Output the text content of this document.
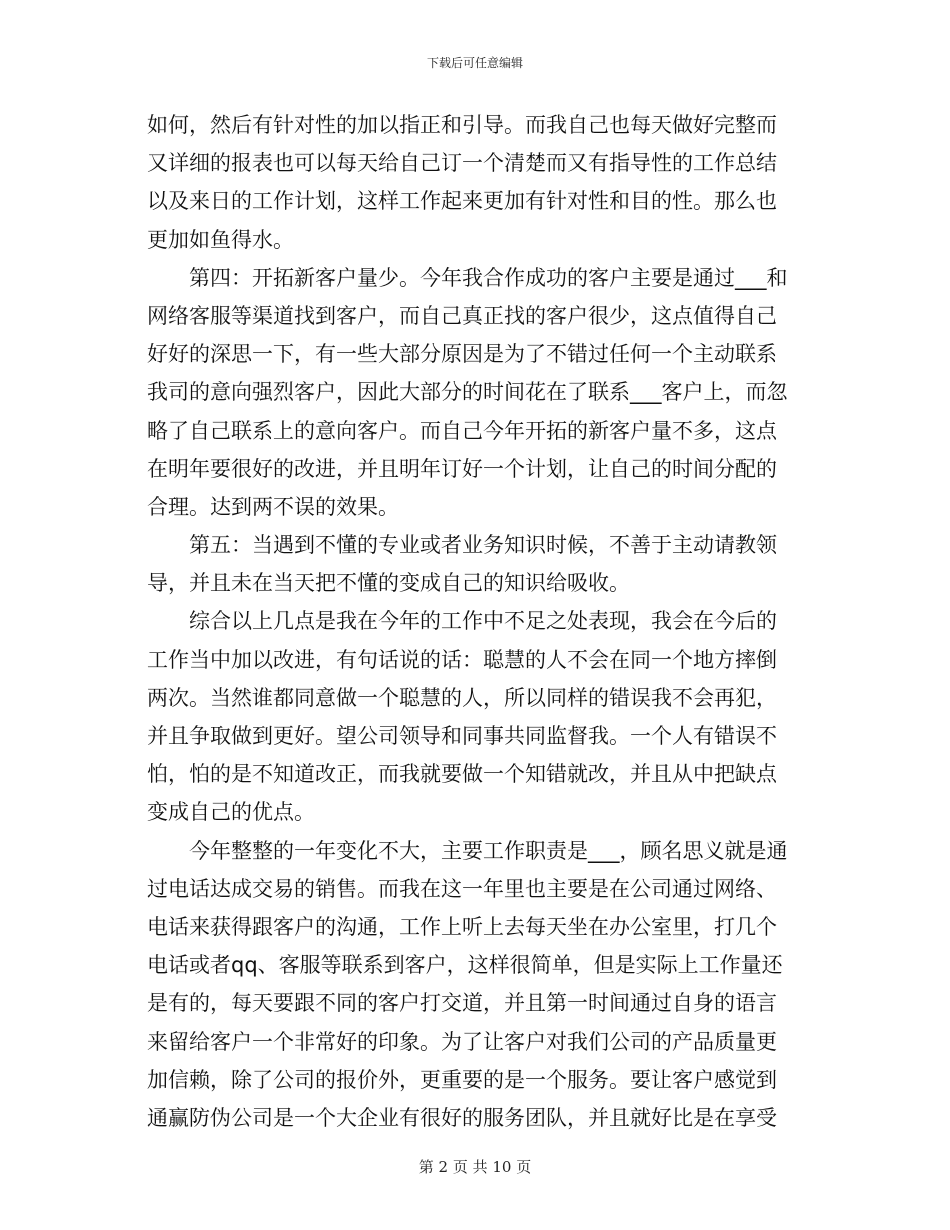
下载后可任意编辑
如何，然后有针对性的加以指正和引导。而我自己也每天做好完整而
又详细的报表也可以每天给自己订一个清楚而又有指导性的工作总结
以及来日的工作计划，这样工作起来更加有针对性和目的性。那么也
更加如鱼得水。
第四：开拓新客户量少。今年我合作成功的客户主要是通过___和
网络客服等渠道找到客户，而自己真正找的客户很少，这点值得自己
好好的深思一下，有一些大部分原因是为了不错过任何一个主动联系
我司的意向强烈客户，因此大部分的时间花在了联系___客户上，而忽
略了自己联系上的意向客户。而自己今年开拓的新客户量不多，这点
在明年要很好的改进，并且明年订好一个计划，让自己的时间分配的
合理。达到两不误的效果。
第五：当遇到不懂的专业或者业务知识时候，不善于主动请教领
导，并且未在当天把不懂的变成自己的知识给吸收。
综合以上几点是我在今年的工作中不足之处表现，我会在今后的
工作当中加以改进，有句话说的话：聪慧的人不会在同一个地方摔倒
两次。当然谁都同意做一个聪慧的人，所以同样的错误我不会再犯，
并且争取做到更好。望公司领导和同事共同监督我。一个人有错误不
怕，怕的是不知道改正，而我就要做一个知错就改，并且从中把缺点
变成自己的优点。
今年整整的一年变化不大，主要工作职责是___，顾名思义就是通
过电话达成交易的销售。而我在这一年里也主要是在公司通过网络、
电话来获得跟客户的沟通，工作上听上去每天坐在办公室里，打几个
电话或者qq、客服等联系到客户，这样很简单，但是实际上工作量还
是有的，每天要跟不同的客户打交道，并且第一时间通过自身的语言
来留给客户一个非常好的印象。为了让客户对我们公司的产品质量更
加信赖，除了公司的报价外，更重要的是一个服务。要让客户感觉到
通赢防伪公司是一个大企业有很好的服务团队，并且就好比是在享受
第 2 页 共 10 页
